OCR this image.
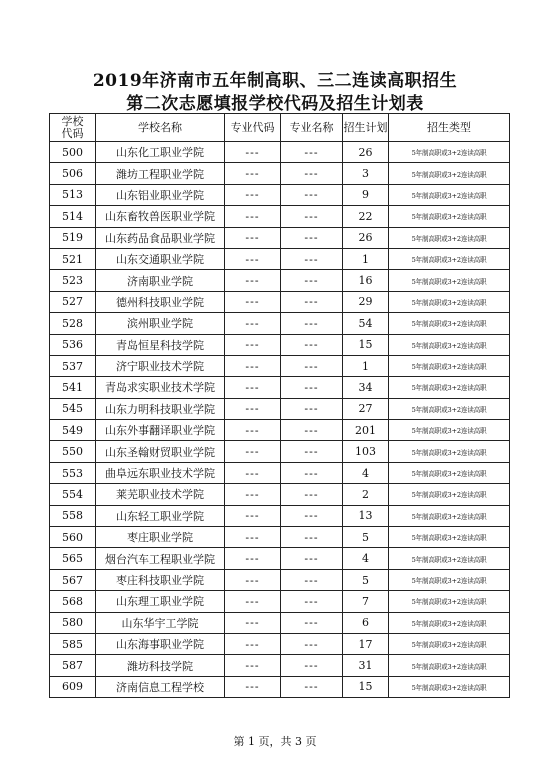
2019年济南市五年制高职、三二连读高职招生
第二次志愿填报学校代码及招生计划表
学校
代码	学校名称	专业代码	专业名称	招生计划	招生类型
500	山东化工职业学院	---	---	26	5年制高职或3+2连读高职
506	潍坊工程职业学院	---	---	3	5年制高职或3+2连读高职
513	山东铝业职业学院	---	---	9	5年制高职或3+2连读高职
514	山东畜牧兽医职业学院	---	---	22	5年制高职或3+2连读高职
519	山东药品食品职业学院	---	---	26	5年制高职或3+2连读高职
521	山东交通职业学院	---	---	1	5年制高职或3+2连读高职
523	济南职业学院	---	---	16	5年制高职或3+2连读高职
527	德州科技职业学院	---	---	29	5年制高职或3+2连读高职
528	滨州职业学院	---	---	54	5年制高职或3+2连读高职
536	青岛恒星科技学院	---	---	15	5年制高职或3+2连读高职
537	济宁职业技术学院	---	---	1	5年制高职或3+2连读高职
541	青岛求实职业技术学院	---	---	34	5年制高职或3+2连读高职
545	山东力明科技职业学院	---	---	27	5年制高职或3+2连读高职
549	山东外事翻译职业学院	---	---	201	5年制高职或3+2连读高职
550	山东圣翰财贸职业学院	---	---	103	5年制高职或3+2连读高职
553	曲阜远东职业技术学院	---	---	4	5年制高职或3+2连读高职
554	莱芜职业技术学院	---	---	2	5年制高职或3+2连读高职
558	山东轻工职业学院	---	---	13	5年制高职或3+2连读高职
560	枣庄职业学院	---	---	5	5年制高职或3+2连读高职
565	烟台汽车工程职业学院	---	---	4	5年制高职或3+2连读高职
567	枣庄科技职业学院	---	---	5	5年制高职或3+2连读高职
568	山东理工职业学院	---	---	7	5年制高职或3+2连读高职
580	山东华宇工学院	---	---	6	5年制高职或3+2连读高职
585	山东海事职业学院	---	---	17	5年制高职或3+2连读高职
587	潍坊科技学院	---	---	31	5年制高职或3+2连读高职
609	济南信息工程学校	---	---	15	5年制高职或3+2连读高职
第 1 页，共 3 页
